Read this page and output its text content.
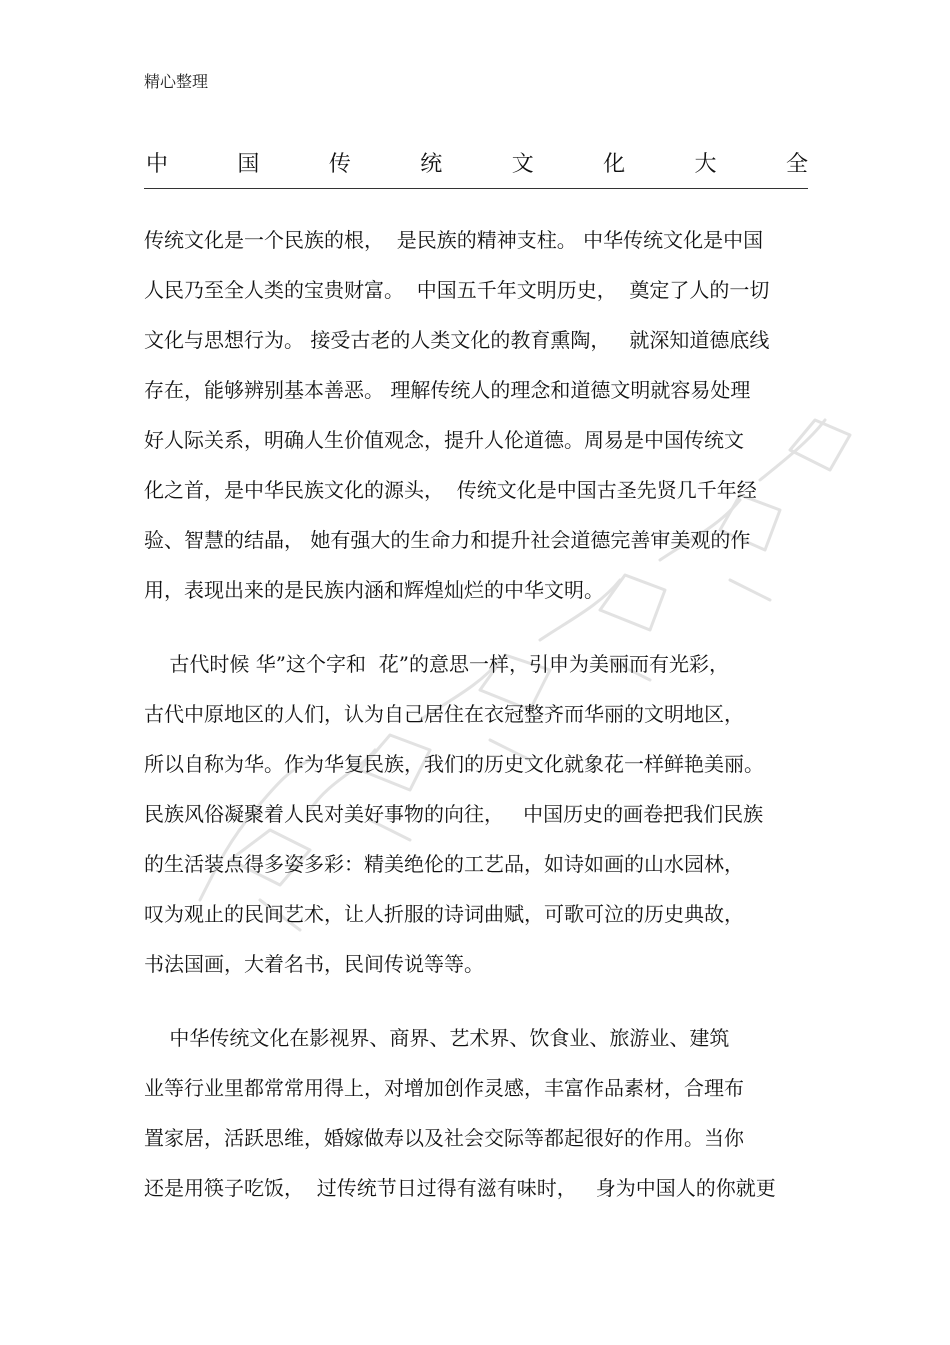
精心整理
中	国	传	统	文	化	大	全
传统文化是一个民族的根，  是民族的精神支柱。 中华传统文化是中国
人民乃至全人类的宝贵财富。  中国五千年文明历史，  奠定了人的一切
文化与思想行为。 接受古老的人类文化的教育熏陶，   就深知道德底线
存在，能够辨别基本善恶。 理解传统人的理念和道德文明就容易处理
好人际关系，明确人生价值观念，提升人伦道德。周易是中国传统文
化之首，是中华民族文化的源头，  传统文化是中国古圣先贤几千年经
验、智慧的结晶， 她有强大的生命力和提升社会道德完善审美观的作
用，表现出来的是民族内涵和辉煌灿烂的中华文明。
古代时候 华”这个字和  花”的意思一样，引申为美丽而有光彩，
古代中原地区的人们，认为自己居住在衣冠整齐而华丽的文明地区，
所以自称为华。作为华复民族，我们的历史文化就象花一样鲜艳美丽。
民族风俗凝聚着人民对美好事物的向往，   中国历史的画卷把我们民族
的生活装点得多姿多彩：精美绝伦的工艺品，如诗如画的山水园林，
叹为观止的民间艺术，让人折服的诗词曲赋，可歌可泣的历史典故，
书法国画，大着名书，民间传说等等。
中华传统文化在影视界、商界、艺术界、饮食业、旅游业、建筑
业等行业里都常常用得上，对增加创作灵感，丰富作品素材，合理布
置家居，活跃思维，婚嫁做寿以及社会交际等都起很好的作用。当你
还是用筷子吃饭，  过传统节日过得有滋有味时，   身为中国人的你就更
